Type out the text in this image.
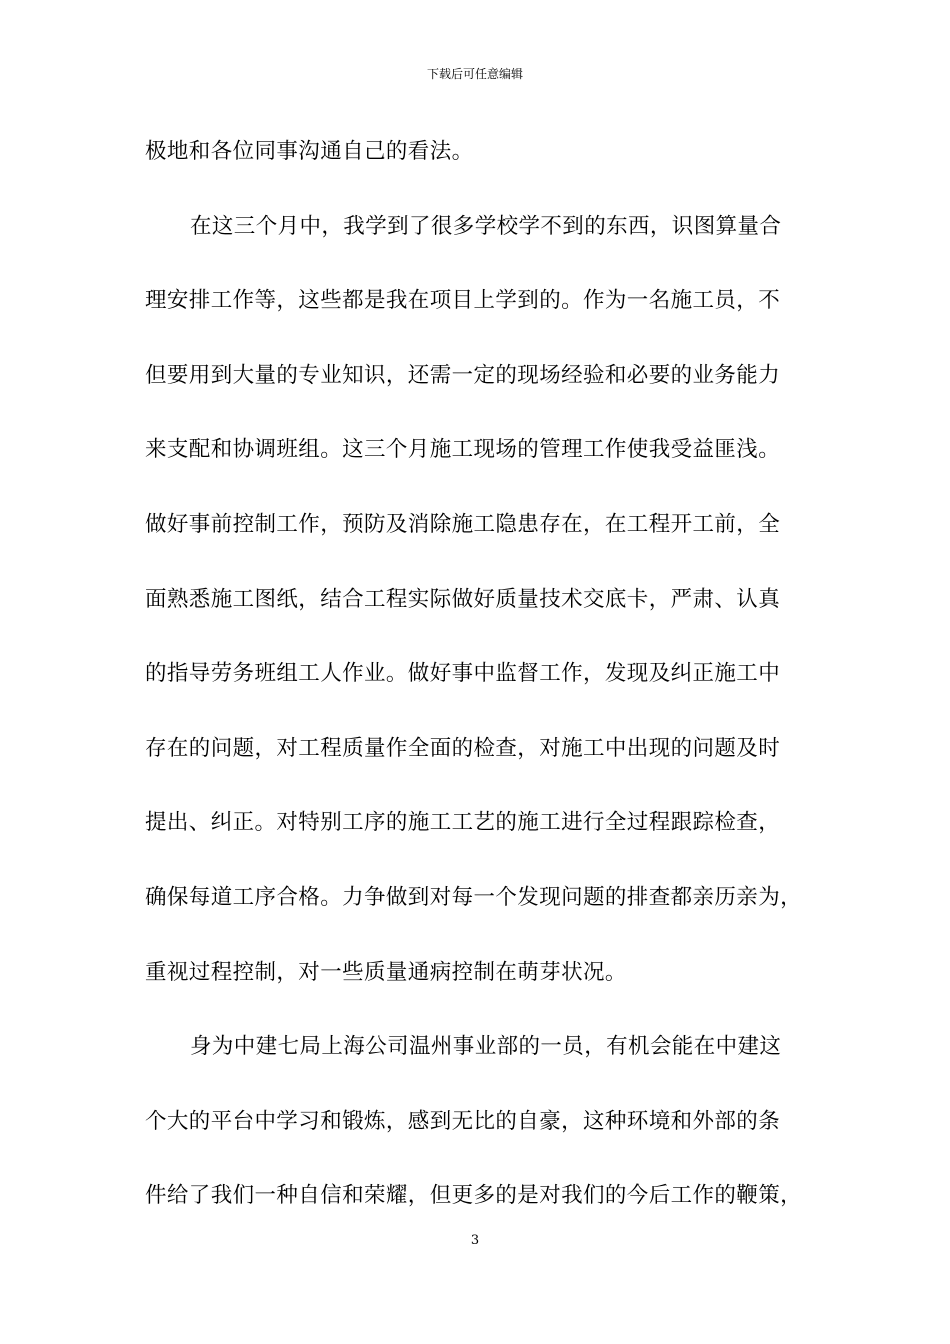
下载后可任意编辑
极地和各位同事沟通自己的看法。
在这三个月中，我学到了很多学校学不到的东西，识图算量合
理安排工作等，这些都是我在项目上学到的。作为一名施工员，不
但要用到大量的专业知识，还需一定的现场经验和必要的业务能力
来支配和协调班组。这三个月施工现场的管理工作使我受益匪浅。
做好事前控制工作，预防及消除施工隐患存在，在工程开工前，全
面熟悉施工图纸，结合工程实际做好质量技术交底卡，严肃、认真
的指导劳务班组工人作业。做好事中监督工作，发现及纠正施工中
存在的问题，对工程质量作全面的检查，对施工中出现的问题及时
提出、纠正。对特别工序的施工工艺的施工进行全过程跟踪检查，
确保每道工序合格。力争做到对每一个发现问题的排查都亲历亲为，
重视过程控制，对一些质量通病控制在萌芽状况。
身为中建七局上海公司温州事业部的一员，有机会能在中建这
个大的平台中学习和锻炼，感到无比的自豪，这种环境和外部的条
件给了我们一种自信和荣耀，但更多的是对我们的今后工作的鞭策，
3
